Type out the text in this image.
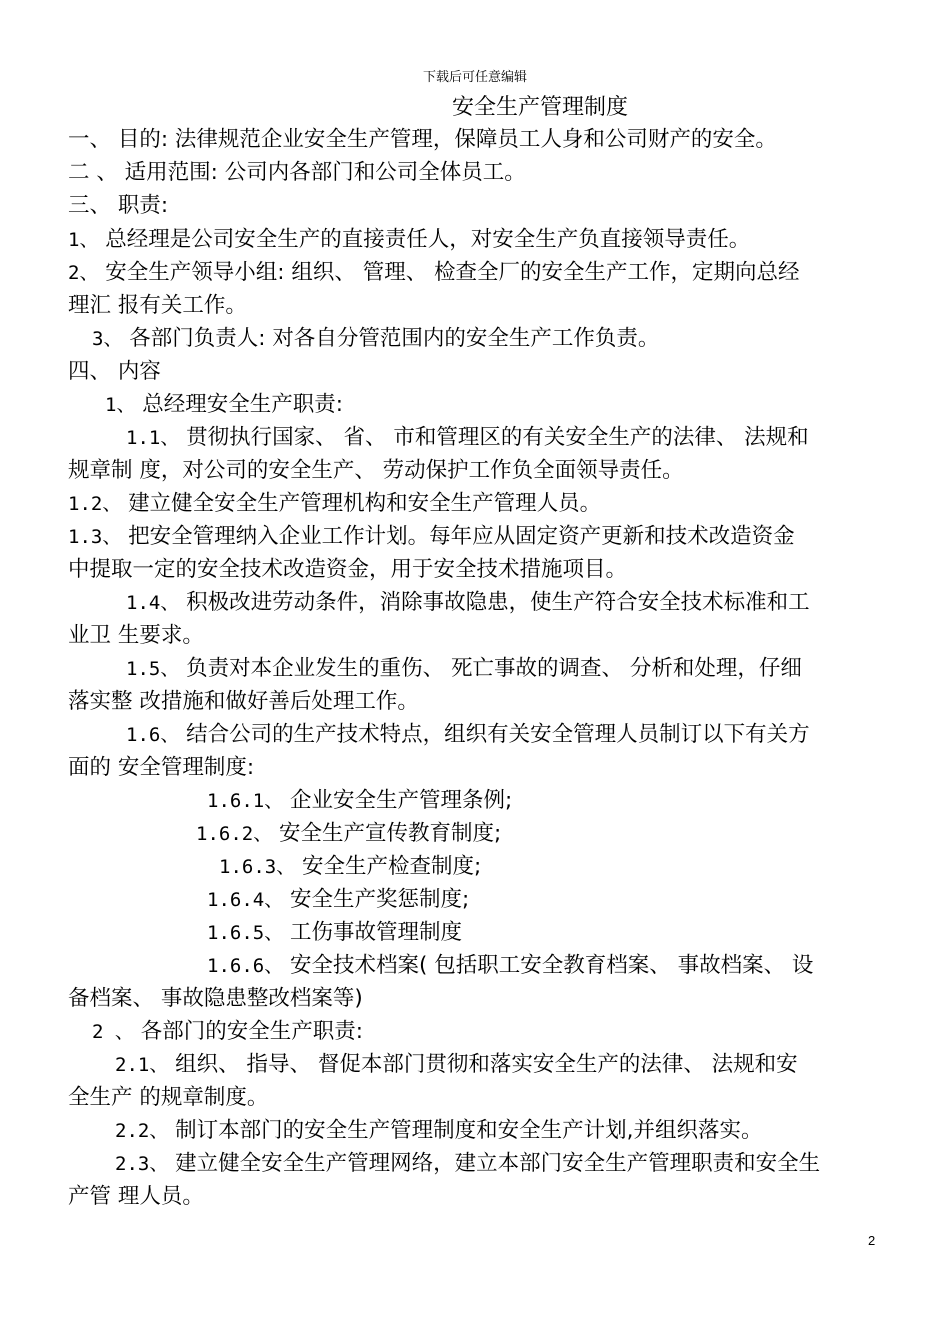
下载后可任意编辑
安全生产管理制度
一、 目的: 法律规范企业安全生产管理，保障员工人身和公司财产的安全。
二 、 适用范围: 公司内各部门和公司全体员工。
三、 职责:
1、 总经理是公司安全生产的直接责任人，对安全生产负直接领导责任。
2、 安全生产领导小组: 组织、 管理、 检查全厂的安全生产工作，定期向总经
理汇 报有关工作。
3、 各部门负责人: 对各自分管范围内的安全生产工作负责。
四、 内容
1、 总经理安全生产职责:
1.1、 贯彻执行国家、 省、 市和管理区的有关安全生产的法律、 法规和
规章制 度，对公司的安全生产、 劳动保护工作负全面领导责任。
1.2、 建立健全安全生产管理机构和安全生产管理人员。
1.3、 把安全管理纳入企业工作计划。每年应从固定资产更新和技术改造资金
中提取一定的安全技术改造资金，用于安全技术措施项目。
1.4、 积极改进劳动条件，消除事故隐患，使生产符合安全技术标准和工
业卫 生要求。
1.5、 负责对本企业发生的重伤、 死亡事故的调查、 分析和处理，仔细
落实整 改措施和做好善后处理工作。
1.6、 结合公司的生产技术特点，组织有关安全管理人员制订以下有关方
面的 安全管理制度:
1.6.1、 企业安全生产管理条例;
1.6.2、 安全生产宣传教育制度;
1.6.3、 安全生产检查制度;
1.6.4、 安全生产奖惩制度;
1.6.5、 工伤事故管理制度
1.6.6、 安全技术档案( 包括职工安全教育档案、 事故档案、 设
备档案、 事故隐患整改档案等)
2 、 各部门的安全生产职责:
2.1、 组织、 指导、 督促本部门贯彻和落实安全生产的法律、 法规和安
全生产 的规章制度。
2.2、 制订本部门的安全生产管理制度和安全生产计划,并组织落实。
2.3、 建立健全安全生产管理网络，建立本部门安全生产管理职责和安全生
产管 理人员。
2
